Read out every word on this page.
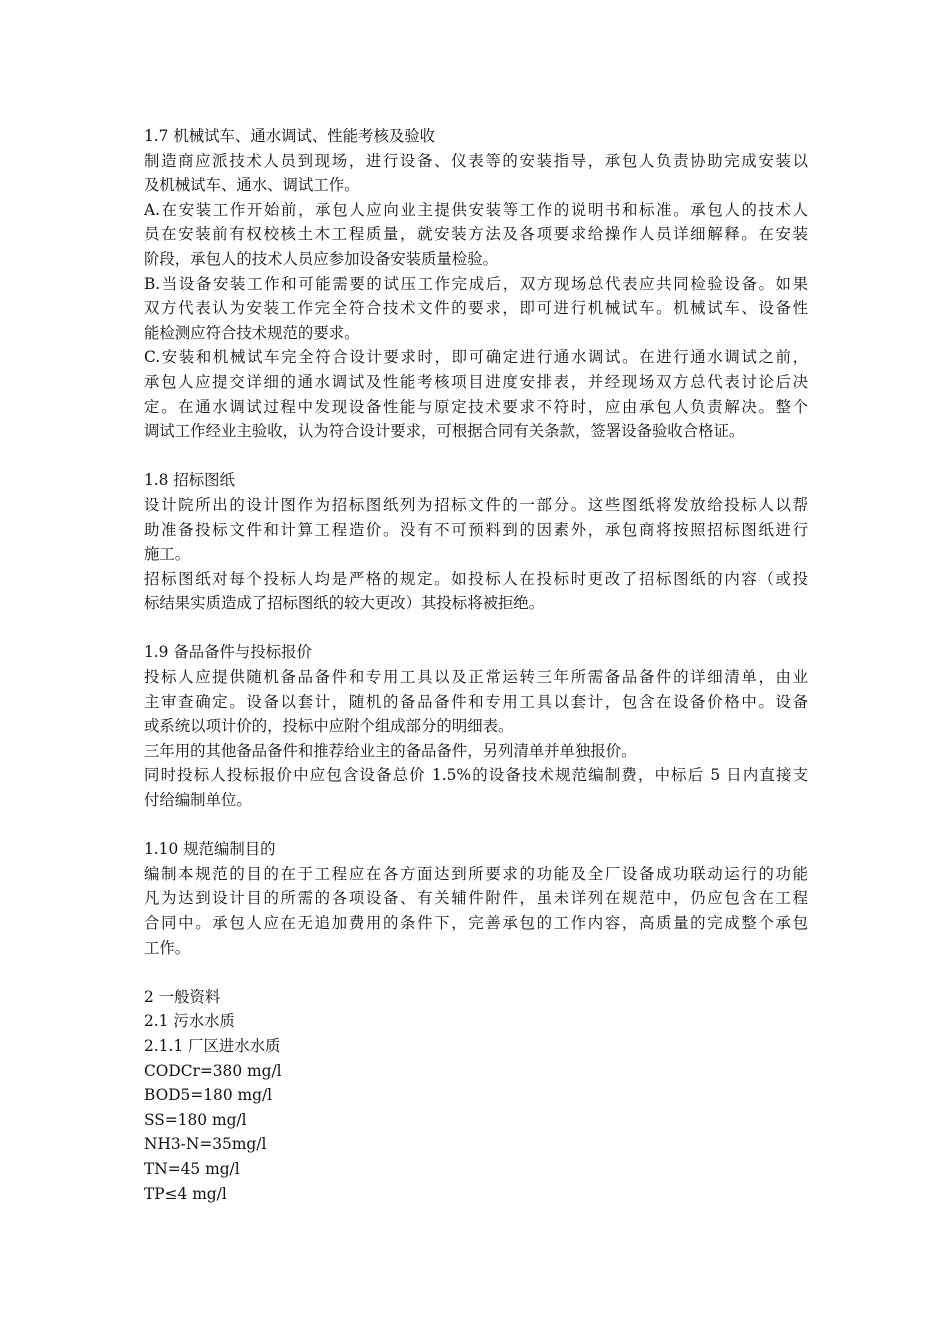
1.7 机械试车、通水调试、性能考核及验收
制造商应派技术人员到现场，进行设备、仪表等的安装指导，承包人负责协助完成安装以
及机械试车、通水、调试工作。
A.在安装工作开始前，承包人应向业主提供安装等工作的说明书和标准。承包人的技术人
员在安装前有权校核土木工程质量，就安装方法及各项要求给操作人员详细解释。在安装
阶段，承包人的技术人员应参加设备安装质量检验。
B.当设备安装工作和可能需要的试压工作完成后，双方现场总代表应共同检验设备。如果
双方代表认为安装工作完全符合技术文件的要求，即可进行机械试车。机械试车、设备性
能检测应符合技术规范的要求。
C.安装和机械试车完全符合设计要求时，即可确定进行通水调试。在进行通水调试之前，
承包人应提交详细的通水调试及性能考核项目进度安排表，并经现场双方总代表讨论后决
定。在通水调试过程中发现设备性能与原定技术要求不符时，应由承包人负责解决。整个
调试工作经业主验收，认为符合设计要求，可根据合同有关条款，签署设备验收合格证。
1.8 招标图纸
设计院所出的设计图作为招标图纸列为招标文件的一部分。这些图纸将发放给投标人以帮
助准备投标文件和计算工程造价。没有不可预料到的因素外，承包商将按照招标图纸进行
施工。
招标图纸对每个投标人均是严格的规定。如投标人在投标时更改了招标图纸的内容（或投
标结果实质造成了招标图纸的较大更改）其投标将被拒绝。
1.9 备品备件与投标报价
投标人应提供随机备品备件和专用工具以及正常运转三年所需备品备件的详细清单，由业
主审查确定。设备以套计，随机的备品备件和专用工具以套计，包含在设备价格中。设备
或系统以项计价的，投标中应附个组成部分的明细表。
三年用的其他备品备件和推荐给业主的备品备件，另列清单并单独报价。
同时投标人投标报价中应包含设备总价 1.5%的设备技术规范编制费，中标后 5 日内直接支
付给编制单位。
1.10 规范编制目的
编制本规范的目的在于工程应在各方面达到所要求的功能及全厂设备成功联动运行的功能
凡为达到设计目的所需的各项设备、有关辅件附件，虽未详列在规范中，仍应包含在工程
合同中。承包人应在无追加费用的条件下，完善承包的工作内容，高质量的完成整个承包
工作。
2 一般资料
2.1 污水水质
2.1.1 厂区进水水质
CODCr=380 mg/l
BOD5=180 mg/l
SS=180 mg/l
NH3-N=35mg/l
TN=45 mg/l
TP≤4 mg/l
